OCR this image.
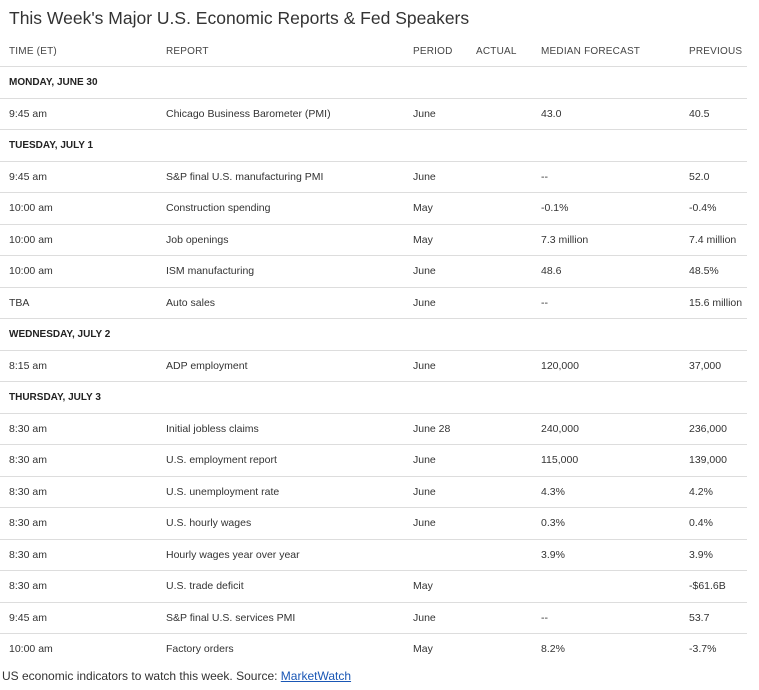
This Week's Major U.S. Economic Reports & Fed Speakers
TIME (ET)	REPORT	PERIOD	ACTUAL	MEDIAN FORECAST	PREVIOUS
MONDAY, JUNE 30					
9:45 am	Chicago Business Barometer (PMI)	June		43.0	40.5
TUESDAY, JULY 1					
9:45 am	S&P final U.S. manufacturing PMI	June		--	52.0
10:00 am	Construction spending	May		-0.1%	-0.4%
10:00 am	Job openings	May		7.3 million	7.4 million
10:00 am	ISM manufacturing	June		48.6	48.5%
TBA	Auto sales	June		--	15.6 million
WEDNESDAY, JULY 2					
8:15 am	ADP employment	June		120,000	37,000
THURSDAY, JULY 3					
8:30 am	Initial jobless claims	June 28		240,000	236,000
8:30 am	U.S. employment report	June		115,000	139,000
8:30 am	U.S. unemployment rate	June		4.3%	4.2%
8:30 am	U.S. hourly wages	June		0.3%	0.4%
8:30 am	Hourly wages year over year			3.9%	3.9%
8:30 am	U.S. trade deficit	May			-$61.6B
9:45 am	S&P final U.S. services PMI	June		--	53.7
10:00 am	Factory orders	May		8.2%	-3.7%
US economic indicators to watch this week. Source: MarketWatch
